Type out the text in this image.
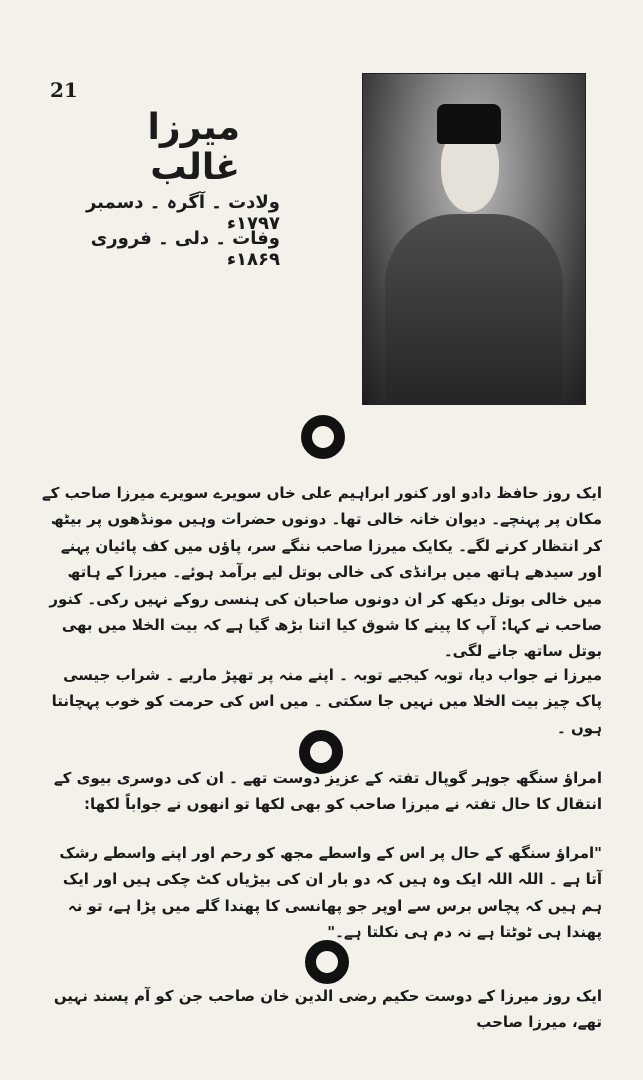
21
میرزا غالب
ولادت ۔ آگرہ ۔ دسمبر ۱۷۹۷ء
وفات ۔ دلی ۔ فروری ۱۸۶۹ء
ایک روز حافظ دادو اور کنور ابراہیم علی خاں سویرے سویرے میرزا صاحب کے مکان پر پہنچے۔ دیوان خانہ خالی تھا۔ دونوں حضرات وہیں مونڈھوں پر بیٹھ کر انتظار کرنے لگے۔ یکایک میرزا صاحب ننگے سر، پاؤں میں کف پائیان پہنے اور سیدھے ہاتھ میں برانڈی کی خالی بوتل لیے برآمد ہوئے۔ میرزا کے ہاتھ میں خالی بوتل دیکھ کر ان دونوں صاحبان کی ہنسی روکے نہیں رکی۔ کنور صاحب نے کہا: آپ کا پینے کا شوق کیا اتنا بڑھ گیا ہے کہ بیت الخلا میں بھی بوتل ساتھ جانے لگی۔
میرزا نے جواب دیا، توبہ کیجیے توبہ ۔ اپنے منہ پر تھپڑ ماریے ۔ شراب جیسی پاک چیز بیت الخلا میں نہیں جا سکتی ۔ میں اس کی حرمت کو خوب پہچانتا ہوں ۔
امراؤ سنگھ جوہر گوپال تفتہ کے عزیز دوست تھے ۔ ان کی دوسری بیوی کے انتقال کا حال تفتہ نے میرزا صاحب کو بھی لکھا تو انھوں نے جواباً لکھا:
"امراؤ سنگھ کے حال پر اس کے واسطے مجھ کو رحم اور اپنے واسطے رشک آتا ہے ۔ اللہ اللہ ایک وہ ہیں کہ دو بار ان کی بیڑیاں کٹ چکی ہیں اور ایک ہم ہیں کہ پچاس برس سے اوپر جو پھانسی کا پھندا گلے میں پڑا ہے، تو نہ پھندا ہی ٹوٹتا ہے نہ دم ہی نکلتا ہے۔"
ایک روز میرزا کے دوست حکیم رضی الدین خان صاحب جن کو آم پسند نہیں تھے، میرزا صاحب
